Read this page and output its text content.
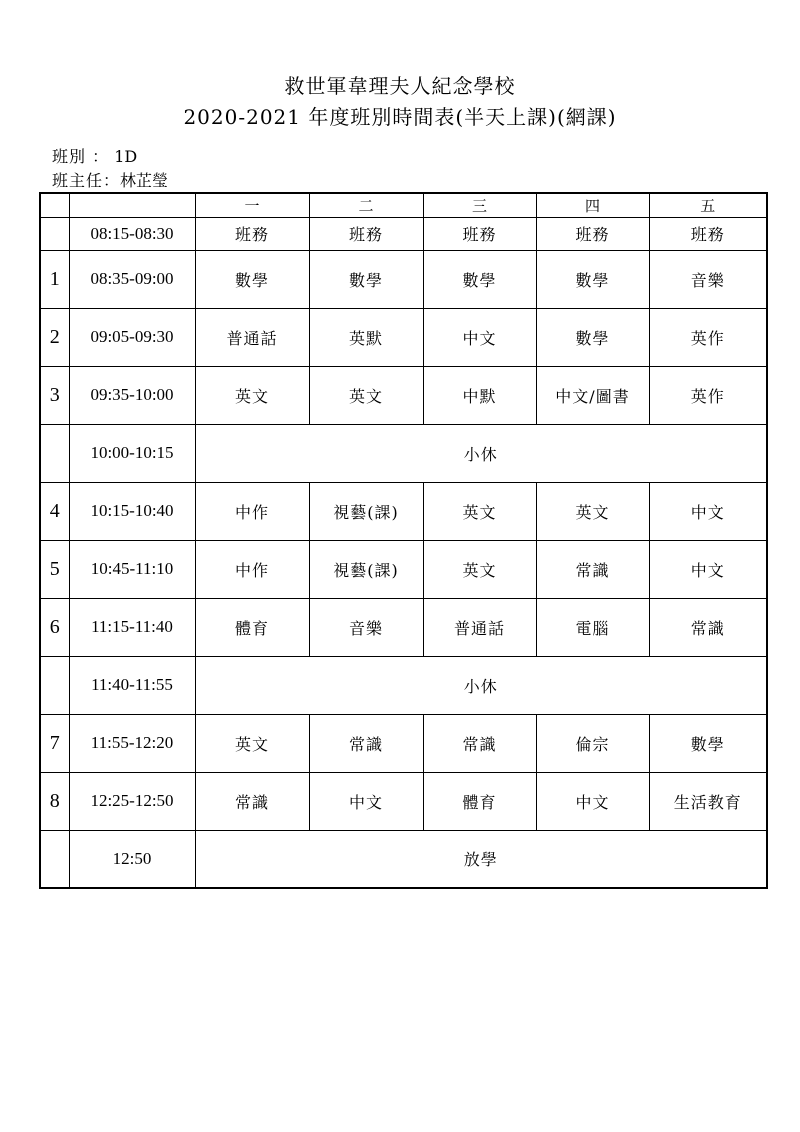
救世軍韋理夫人紀念學校
2020-2021 年度班別時間表(半天上課)(網課)
班別 ： 1D
班主任：林芷瑩
		一	二	三	四	五
	08:15-08:30	班務	班務	班務	班務	班務
1	08:35-09:00	數學	數學	數學	數學	音樂
2	09:05-09:30	普通話	英默	中文	數學	英作
3	09:35-10:00	英文	英文	中默	中文/圖書	英作
	10:00-10:15	小休				
4	10:15-10:40	中作	視藝(課)	英文	英文	中文
5	10:45-11:10	中作	視藝(課)	英文	常識	中文
6	11:15-11:40	體育	音樂	普通話	電腦	常識
	11:40-11:55	小休				
7	11:55-12:20	英文	常識	常識	倫宗	數學
8	12:25-12:50	常識	中文	體育	中文	生活教育
	12:50	放學				
